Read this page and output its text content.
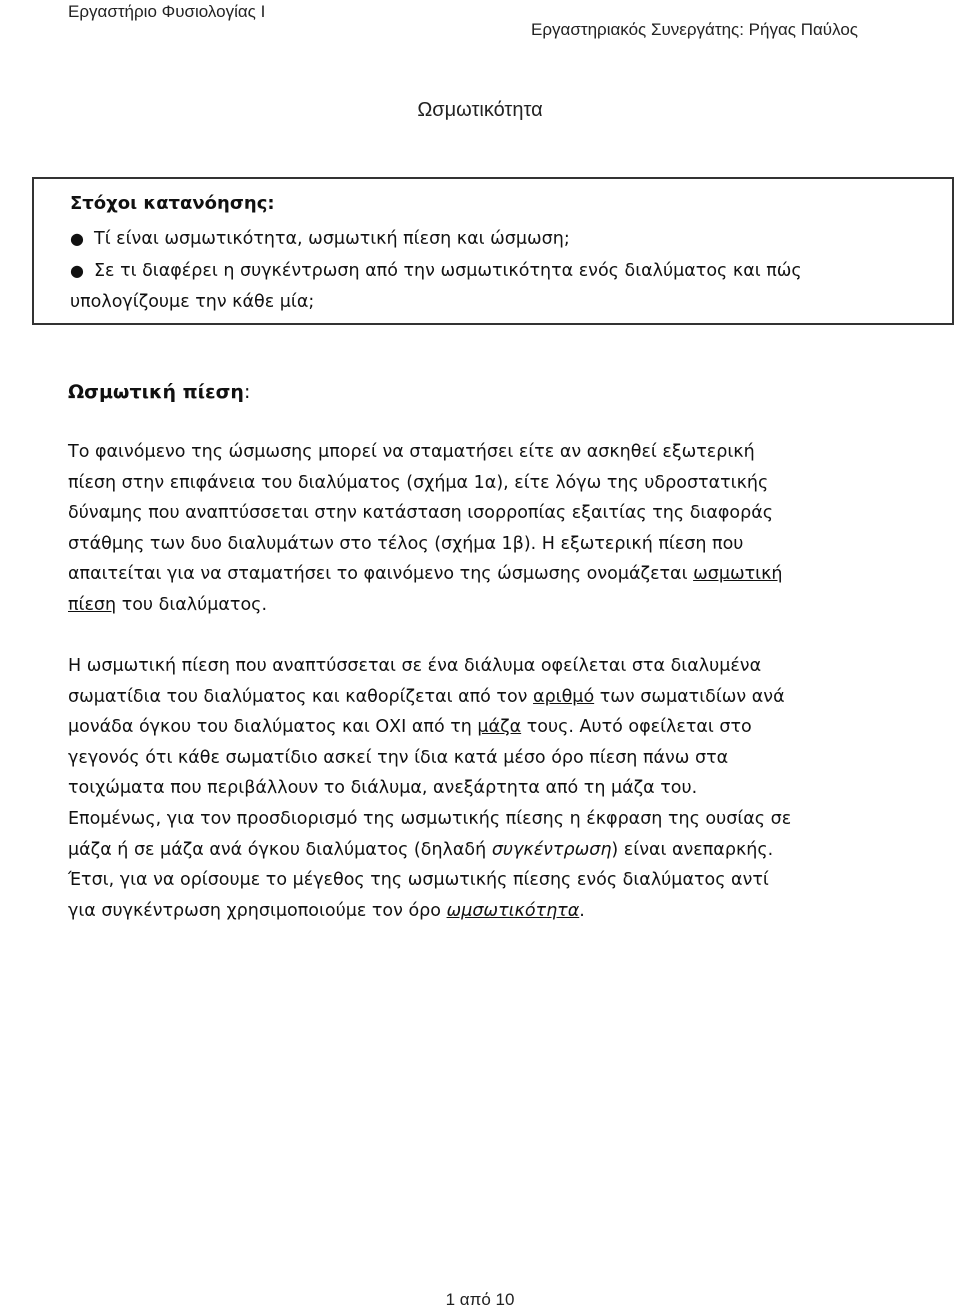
Εργαστήριο Φυσιολογίας Ι
Εργαστηριακός Συνεργάτης: Ρήγας Παύλος
Ωσμωτικότητα
Στόχοι κατανόησης:
● Τί είναι ωσμωτικότητα, ωσμωτική πίεση και ώσμωση;
● Σε τι διαφέρει η συγκέντρωση από την ωσμωτικότητα ενός διαλύματος και πώς υπολογίζουμε την κάθε μία;
Ωσμωτική πίεση:
Το φαινόμενο της ώσμωσης μπορεί να σταματήσει είτε αν ασκηθεί εξωτερική
πίεση στην επιφάνεια του διαλύματος (σχήμα 1α), είτε λόγω της υδροστατικής
δύναμης που αναπτύσσεται στην κατάσταση ισορροπίας εξαιτίας της διαφοράς
στάθμης των δυο διαλυμάτων στο τέλος (σχήμα 1β). Η εξωτερική πίεση που
απαιτείται για να σταματήσει το φαινόμενο της ώσμωσης ονομάζεται ωσμωτική
πίεση του διαλύματος.
Η ωσμωτική πίεση που αναπτύσσεται σε ένα διάλυμα οφείλεται στα διαλυμένα
σωματίδια του διαλύματος και καθορίζεται από τον αριθμό των σωματιδίων ανά
μονάδα όγκου του διαλύματος και ΟΧΙ από τη μάζα τους. Αυτό οφείλεται στο
γεγονός ότι κάθε σωματίδιο ασκεί την ίδια κατά μέσο όρο πίεση πάνω στα
τοιχώματα που περιβάλλουν το διάλυμα, ανεξάρτητα από τη μάζα του.
Επομένως, για τον προσδιορισμό της ωσμωτικής πίεσης η έκφραση της ουσίας σε
μάζα ή σε μάζα ανά όγκου διαλύματος (δηλαδή συγκέντρωση) είναι ανεπαρκής.
Έτσι, για να ορίσουμε το μέγεθος της ωσμωτικής πίεσης ενός διαλύματος αντί
για συγκέντρωση χρησιμοποιούμε τον όρο ωμσωτικότητα.
1 από 10
